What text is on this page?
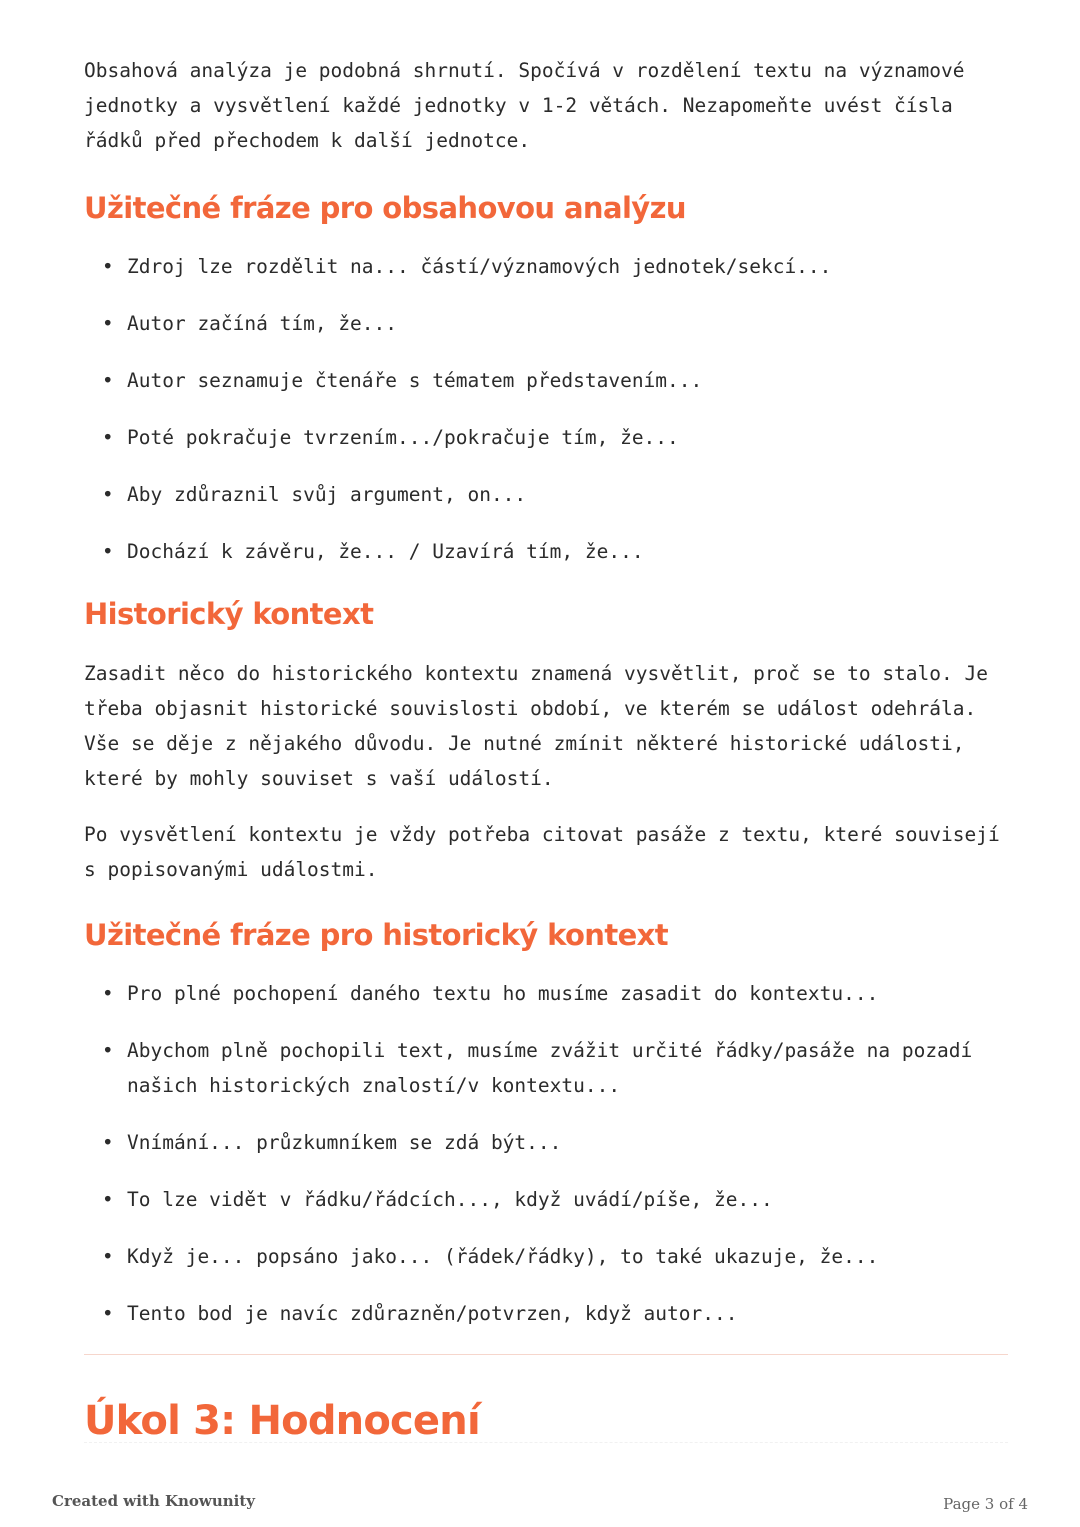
Obsahová analýza je podobná shrnutí. Spočívá v rozdělení textu na významové jednotky a vysvětlení každé jednotky v 1-2 větách. Nezapomeňte uvést čísla řádků před přechodem k další jednotce.

Užitečné fráze pro obsahovou analýzu
• Zdroj lze rozdělit na... částí/významových jednotek/sekcí...
• Autor začíná tím, že...
• Autor seznamuje čtenáře s tématem představením...
• Poté pokračuje tvrzením.../pokračuje tím, že...
• Aby zdůraznil svůj argument, on...
• Dochází k závěru, že... / Uzavírá tím, že...
Historický kontext

Zasadit něco do historického kontextu znamená vysvětlit, proč se to stalo. Je třeba objasnit historické souvislosti období, ve kterém se událost odehrála. Vše se děje z nějakého důvodu. Je nutné zmínit některé historické události, které by mohly souviset s vaší událostí.

Po vysvětlení kontextu je vždy potřeba citovat pasáže z textu, které souvisejí s popisovanými událostmi.

Užitečné fráze pro historický kontext
• Pro plné pochopení daného textu ho musíme zasadit do kontextu...
• Abychom plně pochopili text, musíme zvážit určité řádky/pasáže na pozadí našich historických znalostí/v kontextu...
• Vnímání... průzkumníkem se zdá být...
• To lze vidět v řádku/řádcích..., když uvádí/píše, že...
• Když je... popsáno jako... (řádek/řádky), to také ukazuje, že...
• Tento bod je navíc zdůrazněn/potvrzen, když autor...
Úkol 3: Hodnocení
Created with Knowunity	Page 3 of 4
